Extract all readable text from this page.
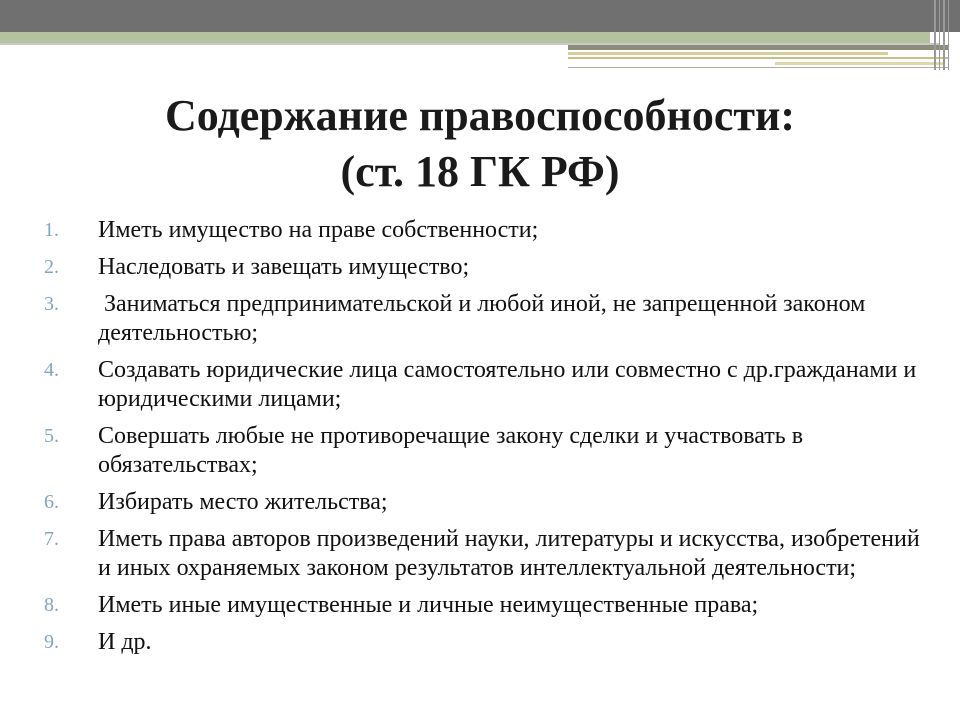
Содержание правоспособности:
(ст. 18 ГК РФ)
1.	Иметь имущество на праве собственности;
2.	Наследовать и завещать имущество;
3.	Заниматься предпринимательской и любой иной, не запрещенной законом деятельностью;
4.	Создавать юридические лица самостоятельно или совместно с др.гражданами и юридическими лицами;
5.	Совершать любые не противоречащие закону сделки и участвовать в обязательствах;
6.	Избирать место жительства;
7.	Иметь права авторов произведений науки, литературы и искусства, изобретений и иных охраняемых законом результатов интеллектуальной деятельности;
8.	Иметь иные имущественные и личные неимущественные права;
9.	И др.
